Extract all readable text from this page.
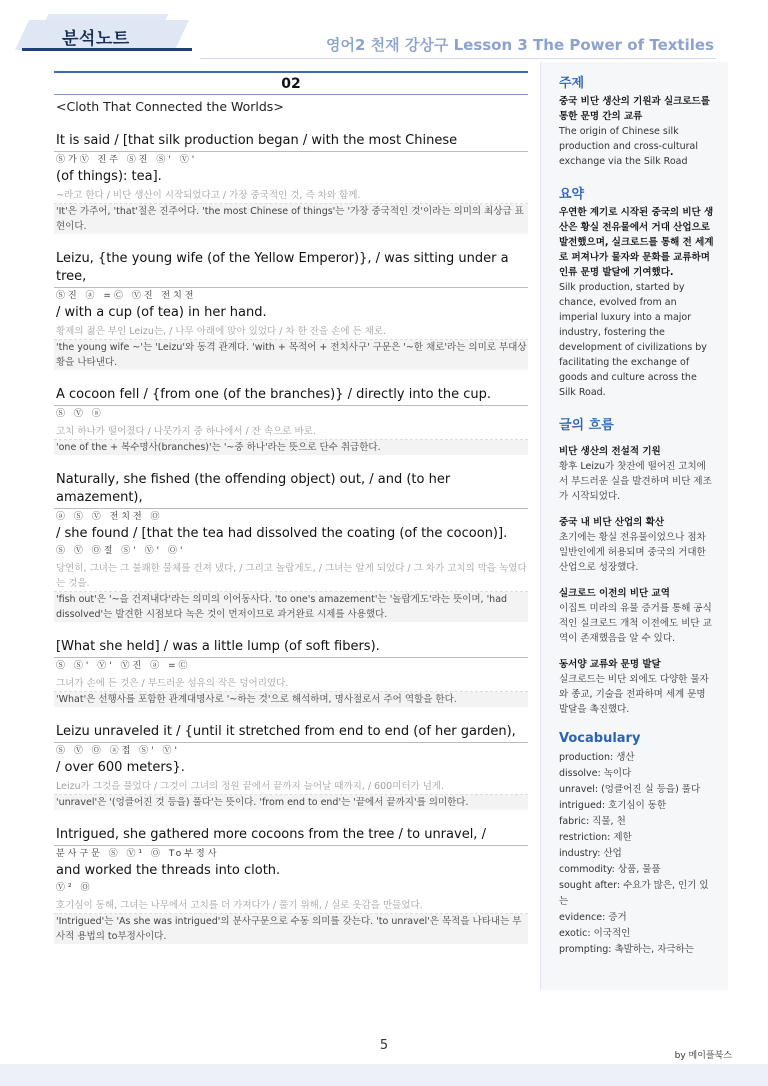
분석노트	영어2 천재 강상구 Lesson 3 The Power of Textiles
02
<Cloth That Connected the Worlds>
It is said / [that silk production began / with the most Chinese
Ⓢ가Ⓥ 진주 Ⓢ진 Ⓢ' Ⓥ'
(of things): tea].
~라고 한다 / 비단 생산이 시작되었다고 / 가장 중국적인 것, 즉 차와 함께.
'It'은 가주어, 'that'절은 진주어다. 'the most Chinese of things'는 '가장 중국적인 것'이라는 의미의 최상급 표현이다.
Leizu, {the young wife (of the Yellow Emperor)}, / was sitting under a tree,
Ⓢ진 ⓐ =Ⓒ Ⓥ진 전치전
/ with a cup (of tea) in her hand.
황제의 젊은 부인 Leizu는, / 나무 아래에 앉아 있었다 / 차 한 잔을 손에 든 채로.
'the young wife ~'는 'Leizu'와 동격 관계다. 'with + 목적어 + 전치사구' 구문은 '~한 채로'라는 의미로 부대상황을 나타낸다.
A cocoon fell / {from one (of the branches)} / directly into the cup.
Ⓢ Ⓥ ⓐ
고치 하나가 떨어졌다 / 나뭇가지 중 하나에서 / 잔 속으로 바로.
'one of the + 복수명사(branches)'는 '~중 하나'라는 뜻으로 단수 취급한다.
Naturally, she fished (the offending object) out, / and (to her amazement),
ⓐ Ⓢ Ⓥ 전치전 Ⓞ
/ she found / [that the tea had dissolved the coating (of the cocoon)].
Ⓢ Ⓥ Ⓞ절 Ⓢ' Ⓥ' Ⓞ'
당연히, 그녀는 그 불쾌한 물체를 건져 냈다, / 그리고 놀랍게도, / 그녀는 알게 되었다 / 그 차가 고치의 막을 녹였다는 것을.
'fish out'은 '~을 건져내다'라는 의미의 이어동사다. 'to one's amazement'는 '놀랍게도'라는 뜻이며, 'had dissolved'는 발견한 시점보다 녹은 것이 먼저이므로 과거완료 시제를 사용했다.
[What she held] / was a little lump (of soft fibers).
Ⓢ Ⓢ' Ⓥ' Ⓥ진 ⓐ =Ⓒ
그녀가 손에 든 것은 / 부드러운 섬유의 작은 덩어리였다.
'What'은 선행사를 포함한 관계대명사로 '~하는 것'으로 해석하며, 명사절로서 주어 역할을 한다.
Leizu unraveled it / {until it stretched from end to end (of her garden),
Ⓢ Ⓥ Ⓞ ⓐ접 Ⓢ' Ⓥ'
/ over 600 meters}.
Leizu가 그것을 풀었다 / 그것이 그녀의 정원 끝에서 끝까지 늘어날 때까지, / 600미터가 넘게.
'unravel'은 '(엉클어진 것 등을) 풀다'는 뜻이다. 'from end to end'는 '끝에서 끝까지'를 의미한다.
Intrigued, she gathered more cocoons from the tree / to unravel, /
분사구문 Ⓢ Ⓥ¹ Ⓞ To부정사
and worked the threads into cloth.
Ⓥ² Ⓞ
호기심이 동해, 그녀는 나무에서 고치를 더 가져다가 / 풀기 위해, / 실로 옷감을 만들었다.
'Intrigued'는 'As she was intrigued'의 분사구문으로 수동 의미를 갖는다. 'to unravel'은 목적을 나타내는 부사적 용법의 to부정사이다.
주제
중국 비단 생산의 기원과 실크로드를 통한 문명 간의 교류
The origin of Chinese silk production and cross-cultural exchange via the Silk Road
요약
우연한 계기로 시작된 중국의 비단 생산은 황실 전유물에서 거대 산업으로 발전했으며, 실크로드를 통해 전 세계로 퍼져나가 물자와 문화를 교류하며 인류 문명 발달에 기여했다.
Silk production, started by chance, evolved from an imperial luxury into a major industry, fostering the development of civilizations by facilitating the exchange of goods and culture across the Silk Road.
글의 흐름
비단 생산의 전설적 기원
황후 Leizu가 찻잔에 떨어진 고치에서 부드러운 실을 발견하며 비단 제조가 시작되었다.
중국 내 비단 산업의 확산
초기에는 황실 전유물이었으나 점차 일반인에게 허용되며 중국의 거대한 산업으로 성장했다.
실크로드 이전의 비단 교역
이집트 미라의 유물 증거를 통해 공식적인 실크로드 개척 이전에도 비단 교역이 존재했음을 알 수 있다.
동서양 교류와 문명 발달
실크로드는 비단 외에도 다양한 물자와 종교, 기술을 전파하며 세계 문명 발달을 촉진했다.
Vocabulary
production: 생산
dissolve: 녹이다
unravel: (엉클어진 실 등을) 풀다
intrigued: 호기심이 동한
fabric: 직물, 천
restriction: 제한
industry: 산업
commodity: 상품, 물품
sought after: 수요가 많은, 인기 있는
evidence: 증거
exotic: 이국적인
prompting: 촉발하는, 자극하는
5
by 메이플북스
